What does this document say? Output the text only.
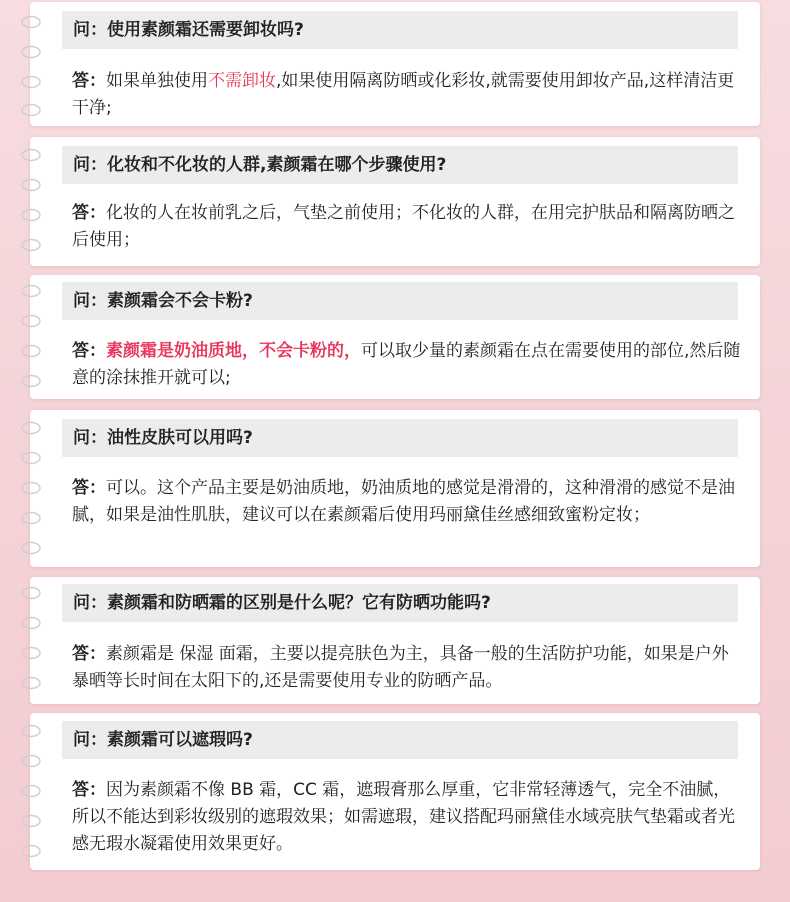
问：使用素颜霜还需要卸妆吗?
答：如果单独使用不需卸妆,如果使用隔离防晒或化彩妆,就需要使用卸妆产品,这样清洁更干净;
问：化妆和不化妆的人群,素颜霜在哪个步骤使用?
答：化妆的人在妆前乳之后，气垫之前使用；不化妆的人群，在用完护肤品和隔离防晒之后使用；
问：素颜霜会不会卡粉?
答：素颜霜是奶油质地，不会卡粉的，可以取少量的素颜霜在点在需要使用的部位,然后随意的涂抹推开就可以;
问：油性皮肤可以用吗?
答：可以。这个产品主要是奶油质地，奶油质地的感觉是滑滑的，这种滑滑的感觉不是油腻，如果是油性肌肤，建议可以在素颜霜后使用玛丽黛佳丝感细致蜜粉定妆；
问：素颜霜和防晒霜的区别是什么呢？它有防晒功能吗?
答：素颜霜是 保湿 面霜，主要以提亮肤色为主，具备一般的生活防护功能，如果是户外暴晒等长时间在太阳下的,还是需要使用专业的防晒产品。
问：素颜霜可以遮瑕吗?
答：因为素颜霜不像 BB 霜，CC 霜，遮瑕膏那么厚重，它非常轻薄透气，完全不油腻，所以不能达到彩妆级别的遮瑕效果；如需遮瑕，建议搭配玛丽黛佳水域亮肤气垫霜或者光感无瑕水凝霜使用效果更好。
